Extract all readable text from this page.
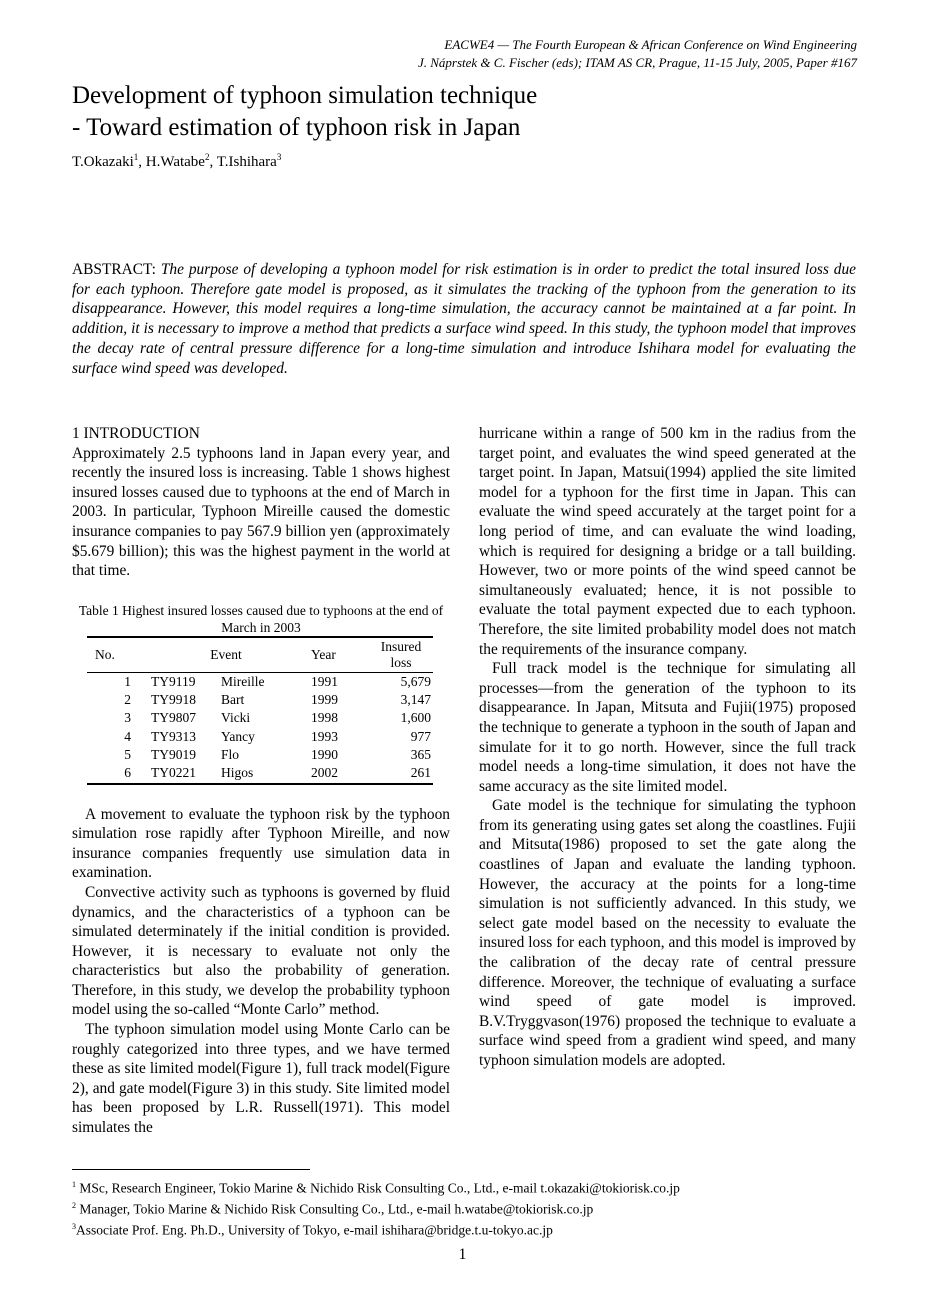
EACWE4 — The Fourth European & African Conference on Wind Engineering
J. Náprstek & C. Fischer (eds); ITAM AS CR, Prague, 11-15 July, 2005, Paper #167
Development of typhoon simulation technique
- Toward estimation of typhoon risk in Japan
T.Okazaki$^1$, H.Watabe$^2$, T.Ishihara$^3$
ABSTRACT: The purpose of developing a typhoon model for risk estimation is in order to predict the total insured loss due for each typhoon. Therefore gate model is proposed, as it simulates the tracking of the typhoon from the generation to its disappearance. However, this model requires a long-time simulation, the accuracy cannot be maintained at a far point. In addition, it is necessary to improve a method that predicts a surface wind speed. In this study, the typhoon model that improves the decay rate of central pressure difference for a long-time simulation and introduce Ishihara model for evaluating the surface wind speed was developed.

1 INTRODUCTION

Approximately 2.5 typhoons land in Japan every year, and recently the insured loss is increasing. Table 1 shows highest insured losses caused due to typhoons at the end of March in 2003. In particular, Typhoon Mireille caused the domestic insurance companies to pay 567.9 billion yen (approximately $5.679 billion); this was the highest payment in the world at that time.

Table 1 Highest insured losses caused due to typhoons at the end of March in 2003

No.	Event		Year	Insured loss
1	TY9119	Mireille	1991	5,679
2	TY9918	Bart	1999	3,147
3	TY9807	Vicki	1998	1,600
4	TY9313	Yancy	1993	977
5	TY9019	Flo	1990	365
6	TY0221	Higos	2002	261

A movement to evaluate the typhoon risk by the typhoon simulation rose rapidly after Typhoon Mireille, and now insurance companies frequently use simulation data in examination.

Convective activity such as typhoons is governed by fluid dynamics, and the characteristics of a typhoon can be simulated determinately if the initial condition is provided. However, it is necessary to evaluate not only the characteristics but also the probability of generation. Therefore, in this study, we develop the probability typhoon model using the so-called “Monte Carlo” method.

The typhoon simulation model using Monte Carlo can be roughly categorized into three types, and we have termed these as site limited model(Figure 1), full track model(Figure 2), and gate model(Figure 3) in this study. Site limited model has been proposed by L.R. Russell(1971). This model simulates the

hurricane within a range of 500 km in the radius from the target point, and evaluates the wind speed generated at the target point. In Japan, Matsui(1994) applied the site limited model for a typhoon for the first time in Japan. This can evaluate the wind speed accurately at the target point for a long period of time, and can evaluate the wind loading, which is required for designing a bridge or a tall building. However, two or more points of the wind speed cannot be simultaneously evaluated; hence, it is not possible to evaluate the total payment expected due to each typhoon. Therefore, the site limited probability model does not match the requirements of the insurance company.

Full track model is the technique for simulating all processes—from the generation of the typhoon to its disappearance. In Japan, Mitsuta and Fujii(1975) proposed the technique to generate a typhoon in the south of Japan and simulate for it to go north. However, since the full track model needs a long-time simulation, it does not have the same accuracy as the site limited model.

Gate model is the technique for simulating the typhoon from its generating using gates set along the coastlines. Fujii and Mitsuta(1986) proposed to set the gate along the coastlines of Japan and evaluate the landing typhoon. However, the accuracy at the points for a long-time simulation is not sufficiently advanced. In this study, we select gate model based on the necessity to evaluate the insured loss for each typhoon, and this model is improved by the calibration of the decay rate of central pressure difference. Moreover, the technique of evaluating a surface wind speed of gate model is improved. B.V.Tryggvason(1976) proposed the technique to evaluate a surface wind speed from a gradient wind speed, and many typhoon simulation models are adopted.

$^1$ MSc, Research Engineer, Tokio Marine & Nichido Risk Consulting Co., Ltd., e-mail t.okazaki@tokiorisk.co.jp
$^2$ Manager, Tokio Marine & Nichido Risk Consulting Co., Ltd., e-mail h.watabe@tokiorisk.co.jp
$^3$Associate Prof. Eng. Ph.D., University of Tokyo, e-mail ishihara@bridge.t.u-tokyo.ac.jp
1
